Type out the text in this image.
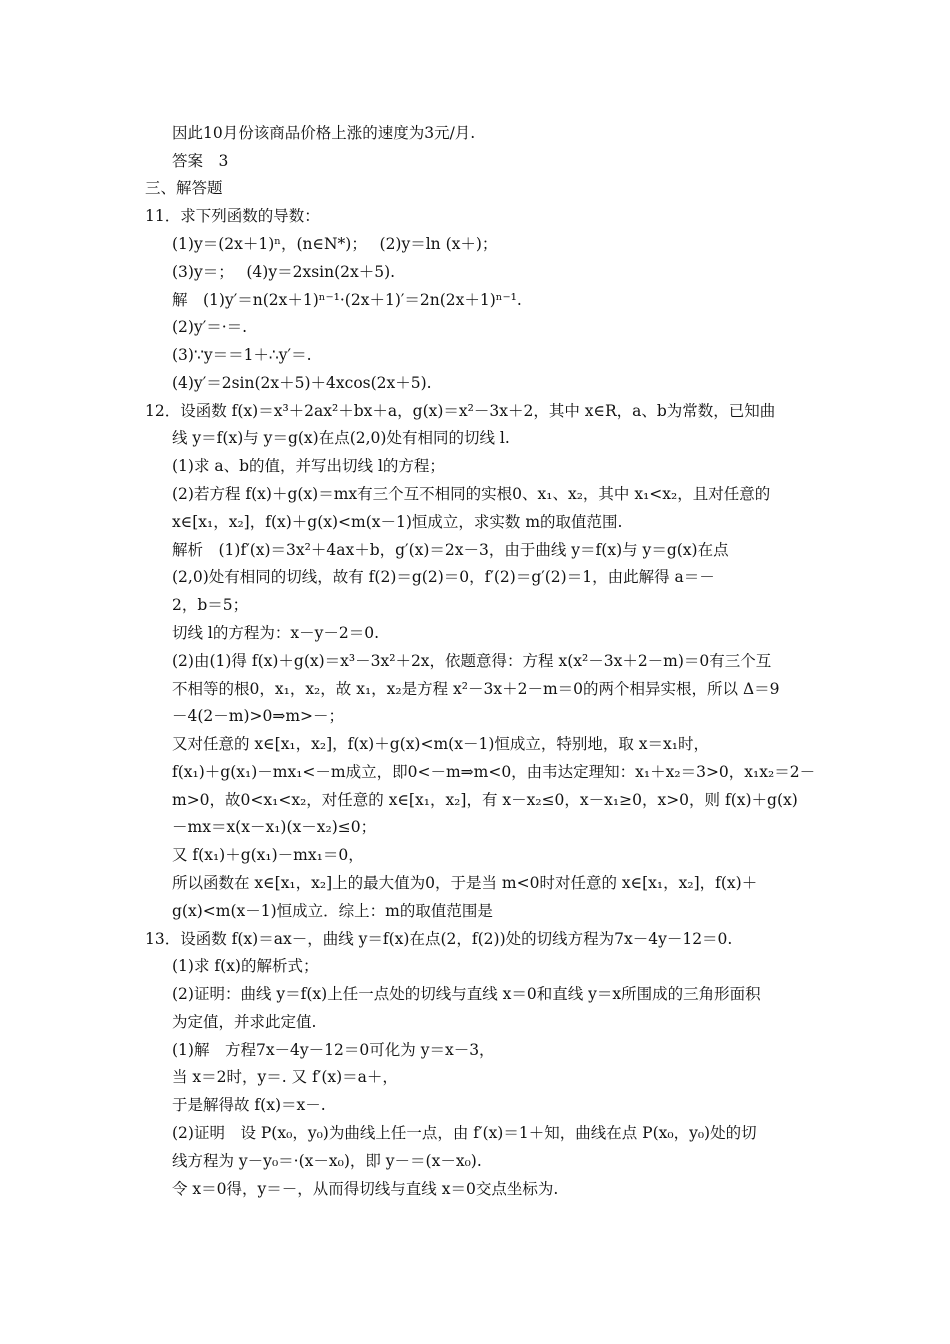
因此10月份该商品价格上涨的速度为3元/月.
答案　3
三、解答题
11．求下列函数的导数：
(1)y＝(2x＋1)ⁿ，(n∈N*)；　 (2)y＝ln (x＋)；
(3)y＝；　 (4)y＝2xsin(2x＋5).
解　(1)y′＝n(2x＋1)ⁿ⁻¹·(2x＋1)′＝2n(2x＋1)ⁿ⁻¹.
(2)y′＝·＝.
(3)∵y＝＝1＋∴y′＝.
(4)y′＝2sin(2x＋5)＋4xcos(2x＋5).
12．设函数 f(x)＝x³＋2ax²＋bx＋a，g(x)＝x²－3x＋2，其中 x∈R，a、b为常数，已知曲
线 y＝f(x)与 y＝g(x)在点(2,0)处有相同的切线 l.
(1)求 a、b的值，并写出切线 l的方程；
(2)若方程 f(x)＋g(x)＝mx有三个互不相同的实根0、x₁、x₂，其中 x₁<x₂，且对任意的
x∈[x₁，x₂]，f(x)＋g(x)<m(x－1)恒成立，求实数 m的取值范围.
解析　(1)f′(x)＝3x²＋4ax＋b，g′(x)＝2x－3，由于曲线 y＝f(x)与 y＝g(x)在点
(2,0)处有相同的切线，故有 f(2)＝g(2)＝0，f′(2)＝g′(2)＝1，由此解得 a＝－
2，b＝5；
切线 l的方程为：x－y－2＝0.
(2)由(1)得 f(x)＋g(x)＝x³－3x²＋2x，依题意得：方程 x(x²－3x＋2－m)＝0有三个互
不相等的根0，x₁，x₂，故 x₁，x₂是方程 x²－3x＋2－m＝0的两个相异实根，所以 Δ＝9
－4(2－m)>0⇒m>－；
又对任意的 x∈[x₁，x₂]，f(x)＋g(x)<m(x－1)恒成立，特别地，取 x＝x₁时，
f(x₁)＋g(x₁)－mx₁<－m成立，即0<－m⇒m<0，由韦达定理知：x₁＋x₂＝3>0，x₁x₂＝2－
m>0，故0<x₁<x₂，对任意的 x∈[x₁，x₂]，有 x－x₂≤0，x－x₁≥0，x>0，则 f(x)＋g(x)
－mx＝x(x－x₁)(x－x₂)≤0；
又 f(x₁)＋g(x₁)－mx₁＝0，
所以函数在 x∈[x₁，x₂]上的最大值为0，于是当 m<0时对任意的 x∈[x₁，x₂]，f(x)＋
g(x)<m(x－1)恒成立．综上：m的取值范围是
13．设函数 f(x)＝ax－，曲线 y＝f(x)在点(2，f(2))处的切线方程为7x－4y－12＝0.
(1)求 f(x)的解析式；
(2)证明：曲线 y＝f(x)上任一点处的切线与直线 x＝0和直线 y＝x所围成的三角形面积
为定值，并求此定值.
(1)解　方程7x－4y－12＝0可化为 y＝x－3，
当 x＝2时，y＝. 又 f′(x)＝a＋，
于是解得故 f(x)＝x－.
(2)证明　设 P(x₀，y₀)为曲线上任一点，由 f′(x)＝1＋知，曲线在点 P(x₀，y₀)处的切
线方程为 y－y₀＝·(x－x₀)，即 y－＝(x－x₀).
令 x＝0得，y＝－，从而得切线与直线 x＝0交点坐标为.
